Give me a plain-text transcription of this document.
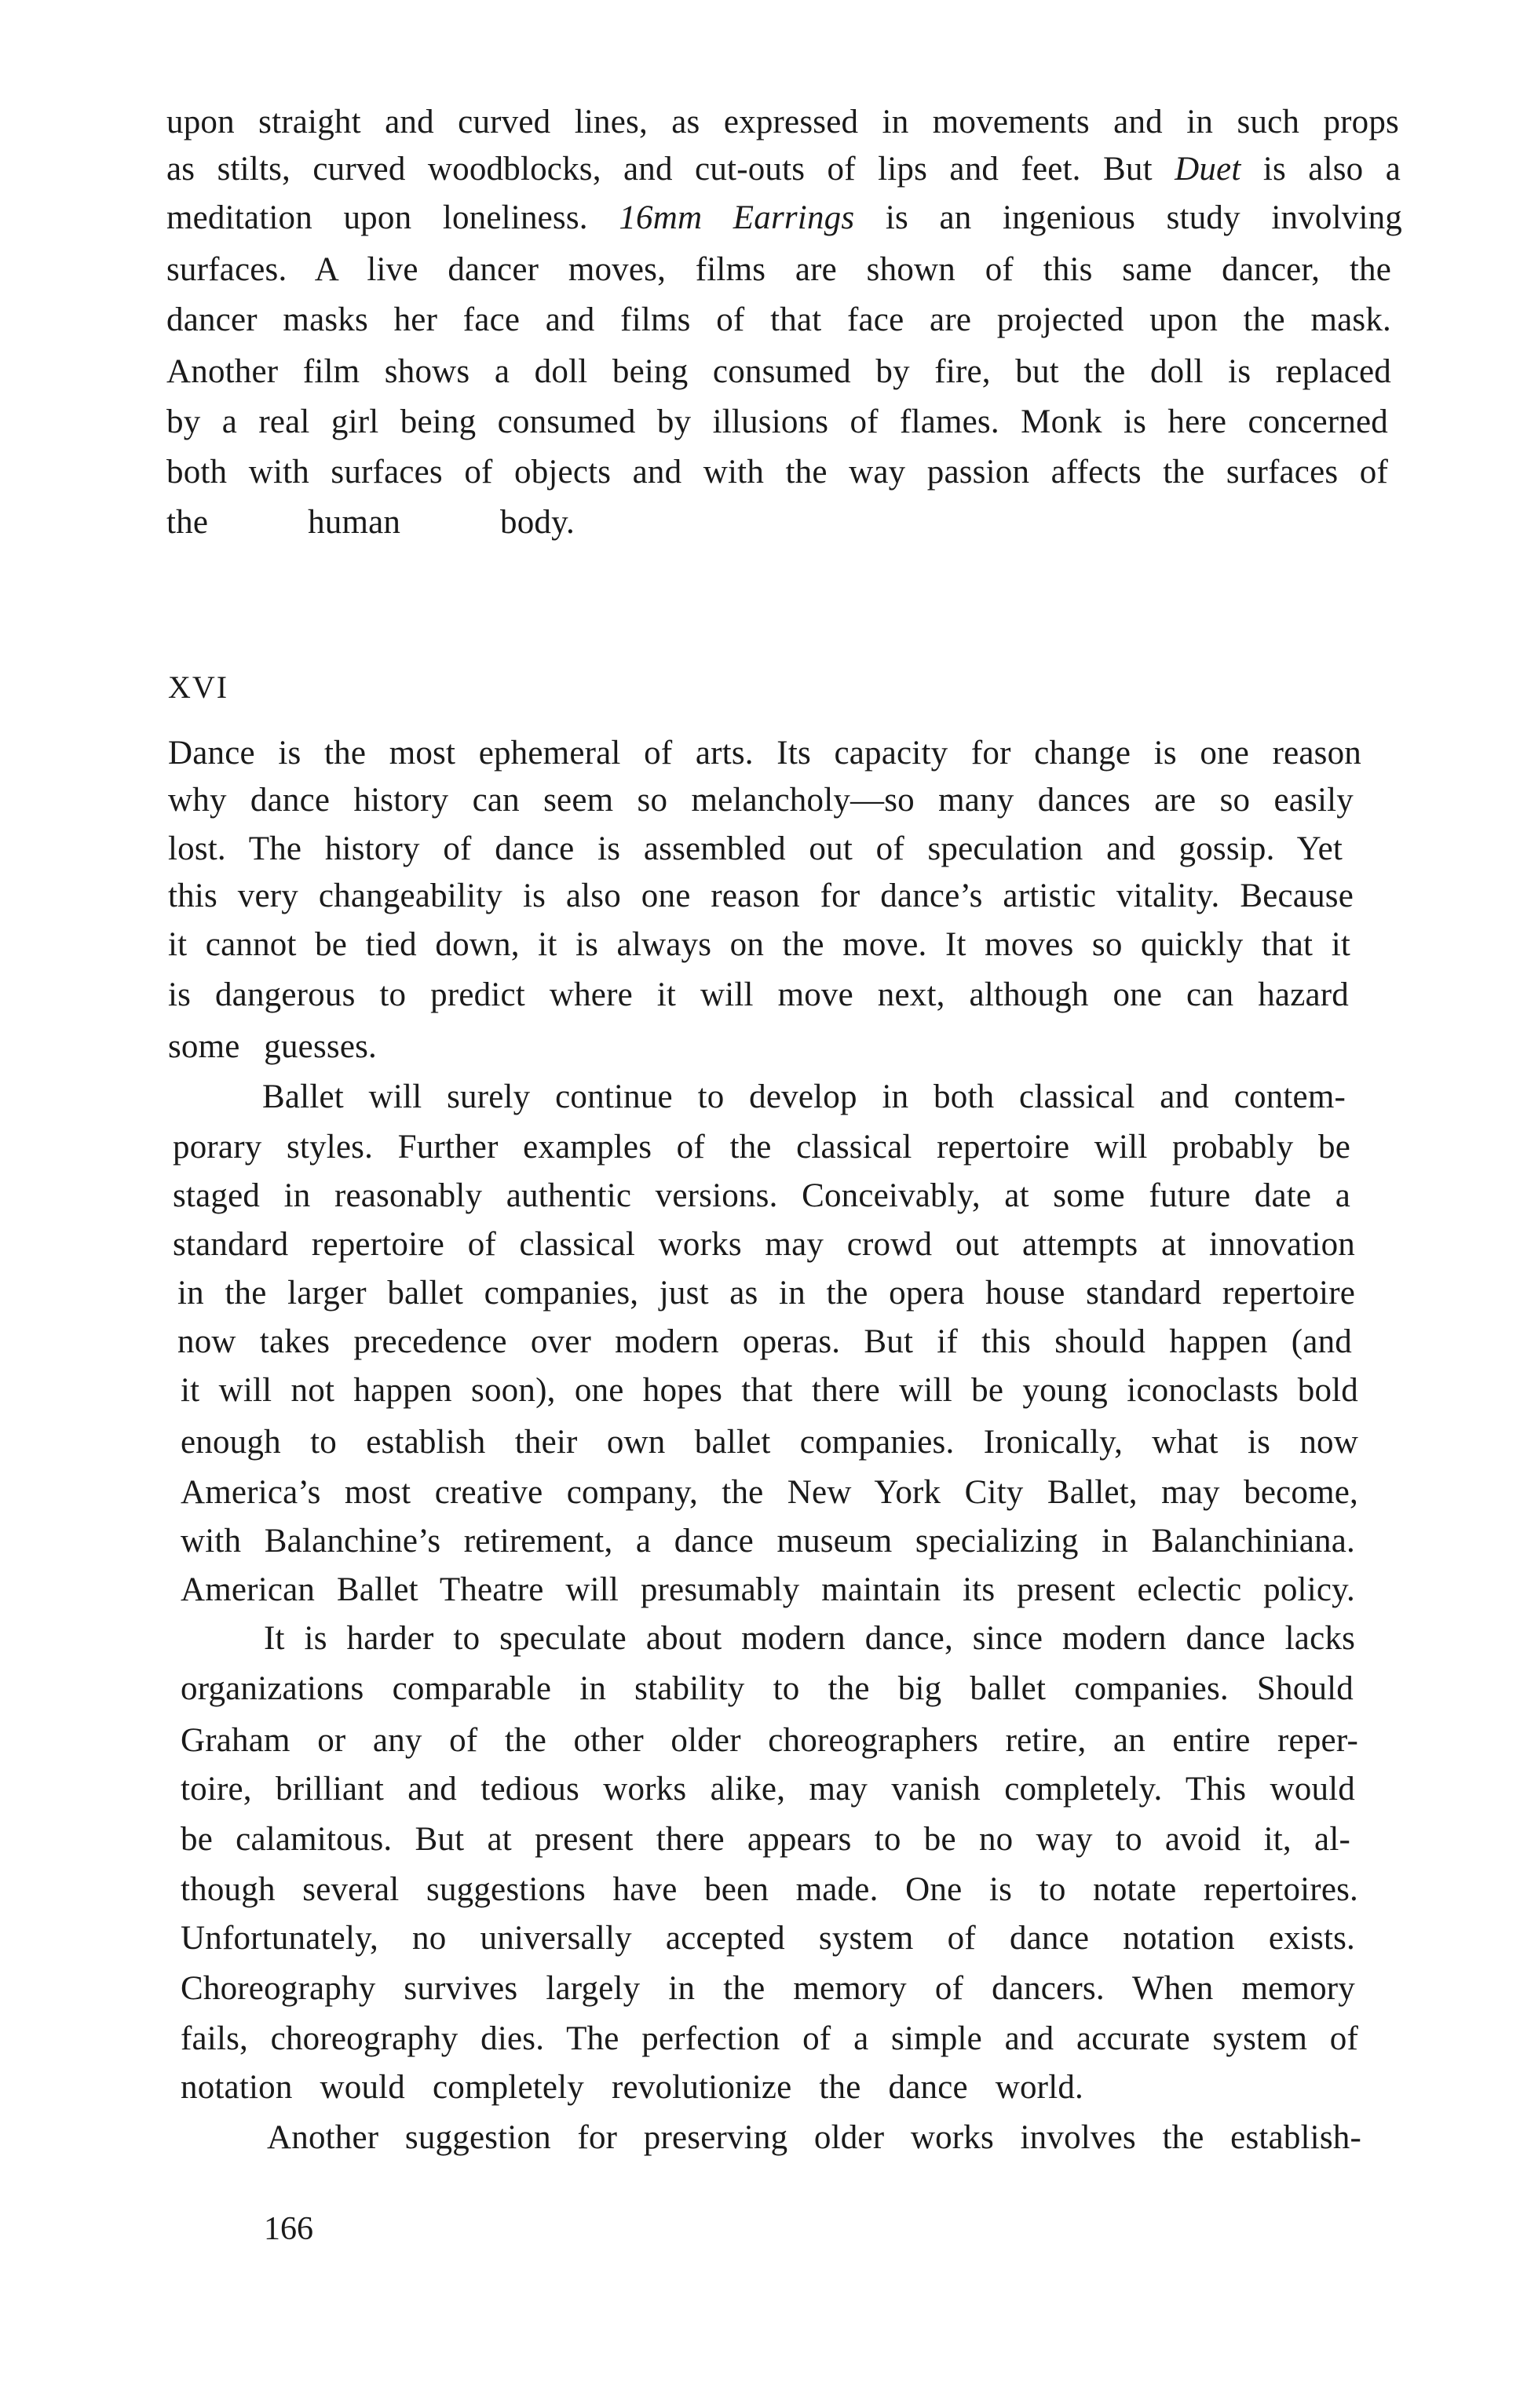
upon straight and curved lines, as expressed in movements and in such props
as stilts, curved woodblocks, and cut-outs of lips and feet. But Duet is also a
meditation upon loneliness. 16mm Earrings is an ingenious study involving
surfaces. A live dancer moves, films are shown of this same dancer, the
dancer masks her face and films of that face are projected upon the mask.
Another film shows a doll being consumed by fire, but the doll is replaced
by a real girl being consumed by illusions of flames. Monk is here concerned
both with surfaces of objects and with the way passion affects the surfaces of
the human body.
XVI
Dance is the most ephemeral of arts. Its capacity for change is one reason
why dance history can seem so melancholy—so many dances are so easily
lost. The history of dance is assembled out of speculation and gossip. Yet
this very changeability is also one reason for dance’s artistic vitality. Because
it cannot be tied down, it is always on the move. It moves so quickly that it
is dangerous to predict where it will move next, although one can hazard
some guesses.
Ballet will surely continue to develop in both classical and contem-
porary styles. Further examples of the classical repertoire will probably be
staged in reasonably authentic versions. Conceivably, at some future date a
standard repertoire of classical works may crowd out attempts at innovation
in the larger ballet companies, just as in the opera house standard repertoire
now takes precedence over modern operas. But if this should happen (and
it will not happen soon), one hopes that there will be young iconoclasts bold
enough to establish their own ballet companies. Ironically, what is now
America’s most creative company, the New York City Ballet, may become,
with Balanchine’s retirement, a dance museum specializing in Balanchiniana.
American Ballet Theatre will presumably maintain its present eclectic policy.
It is harder to speculate about modern dance, since modern dance lacks
organizations comparable in stability to the big ballet companies. Should
Graham or any of the other older choreographers retire, an entire reper-
toire, brilliant and tedious works alike, may vanish completely. This would
be calamitous. But at present there appears to be no way to avoid it, al-
though several suggestions have been made. One is to notate repertoires.
Unfortunately, no universally accepted system of dance notation exists.
Choreography survives largely in the memory of dancers. When memory
fails, choreography dies. The perfection of a simple and accurate system of
notation would completely revolutionize the dance world.
Another suggestion for preserving older works involves the establish-
166
